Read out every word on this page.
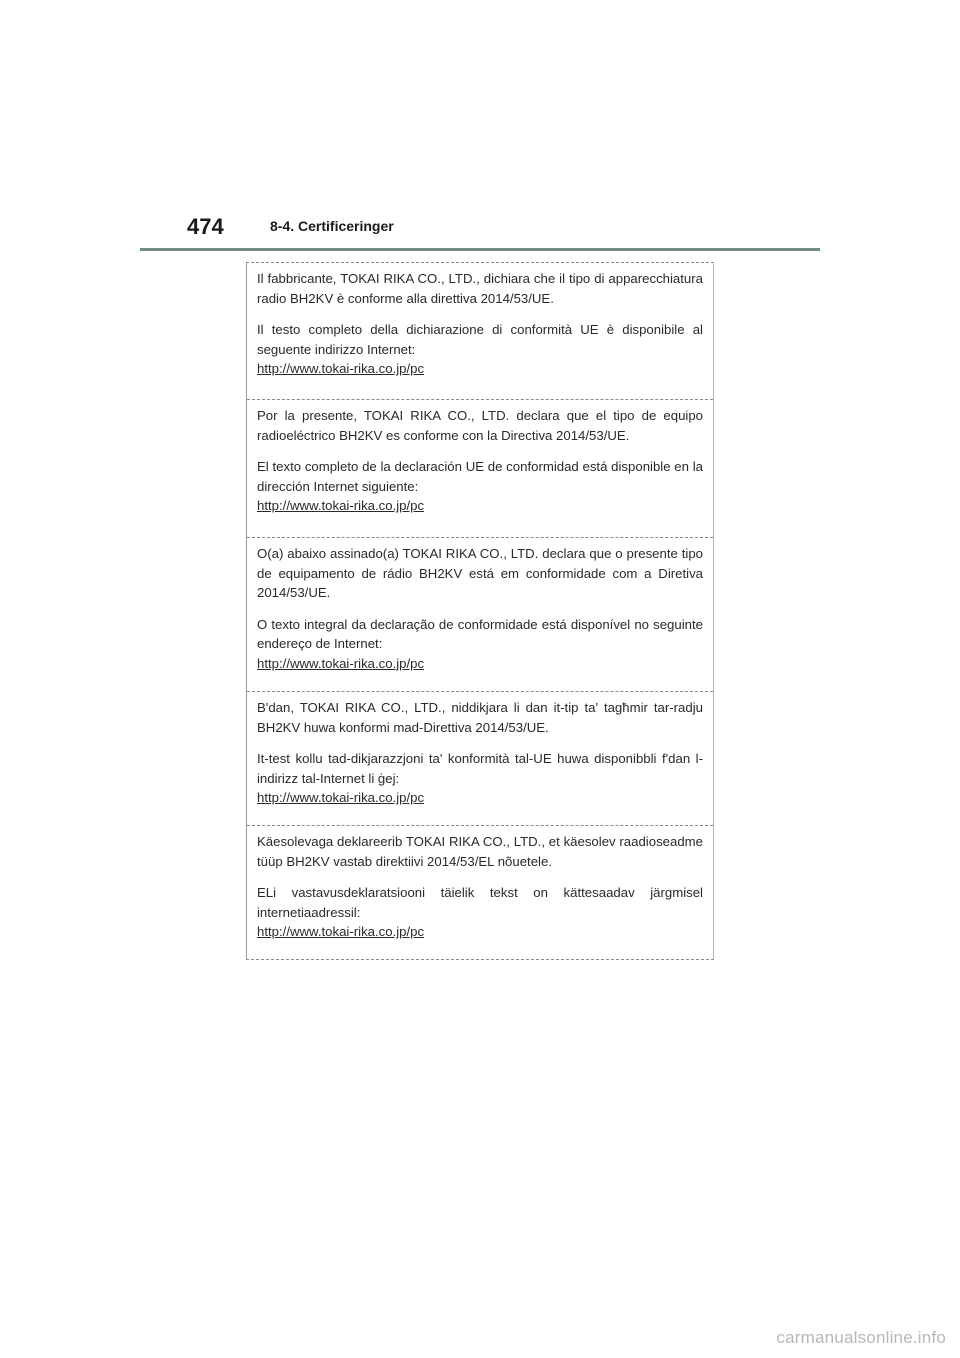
474	8-4. Certificeringer

Il fabbricante, TOKAI RIKA CO., LTD., dichiara che il tipo di apparecchiatura radio BH2KV è conforme alla direttiva 2014/53/UE.

Il testo completo della dichiarazione di conformità UE è disponibile al seguente indirizzo Internet:

http://www.tokai-rika.co.jp/pc

Por la presente, TOKAI RIKA CO., LTD. declara que el tipo de equipo radioeléctrico BH2KV es conforme con la Directiva 2014/53/UE.

El texto completo de la declaración UE de conformidad está disponible en la dirección Internet siguiente:

http://www.tokai-rika.co.jp/pc

O(a) abaixo assinado(a) TOKAI RIKA CO., LTD. declara que o presente tipo de equipamento de rádio BH2KV está em conformidade com a Diretiva 2014/53/UE.

O texto integral da declaração de conformidade está disponível no seguinte endereço de Internet:

http://www.tokai-rika.co.jp/pc

B'dan, TOKAI RIKA CO., LTD., niddikjara li dan it-tip ta' tagħmir tar-radju BH2KV huwa konformi mad-Direttiva 2014/53/UE.

It-test kollu tad-dikjarazzjoni ta' konformità tal-UE huwa disponibbli f'dan l-indirizz tal-Internet li ġej:

http://www.tokai-rika.co.jp/pc

Käesolevaga deklareerib TOKAI RIKA CO., LTD., et käesolev raadioseadme tüüp BH2KV vastab direktiivi 2014/53/EL nõuetele.

ELi vastavusdeklaratsiooni täielik tekst on kättesaadav järgmisel internetiaadressil:

http://www.tokai-rika.co.jp/pc
carmanualsonline.info
